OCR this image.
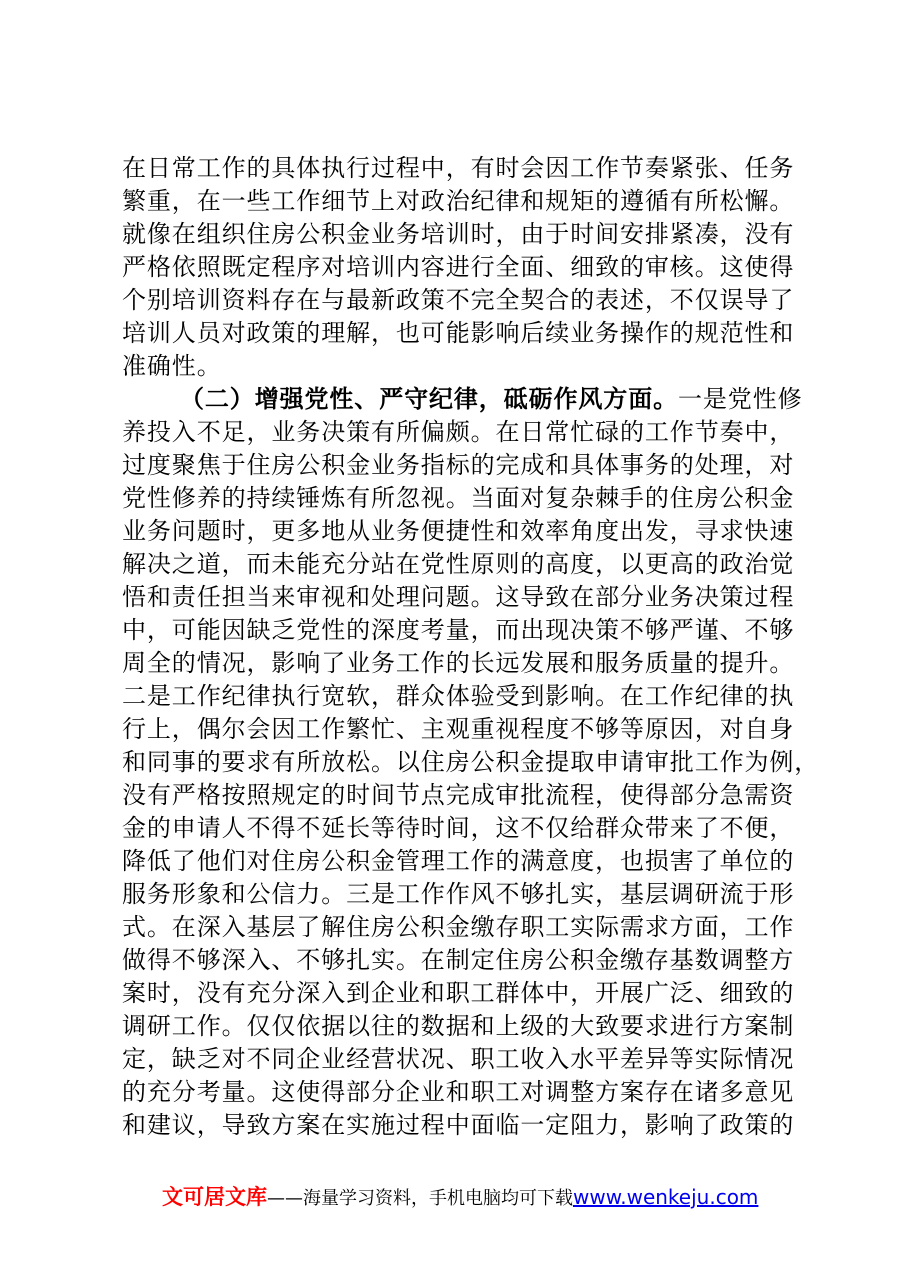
在日常工作的具体执行过程中，有时会因工作节奏紧张、任务
繁重，在一些工作细节上对政治纪律和规矩的遵循有所松懈。
就像在组织住房公积金业务培训时，由于时间安排紧凑，没有
严格依照既定程序对培训内容进行全面、细致的审核。这使得
个别培训资料存在与最新政策不完全契合的表述，不仅误导了
培训人员对政策的理解，也可能影响后续业务操作的规范性和
准确性。
（二）增强党性、严守纪律，砥砺作风方面。一是党性修
养投入不足，业务决策有所偏颇。在日常忙碌的工作节奏中，
过度聚焦于住房公积金业务指标的完成和具体事务的处理，对
党性修养的持续锤炼有所忽视。当面对复杂棘手的住房公积金
业务问题时，更多地从业务便捷性和效率角度出发，寻求快速
解决之道，而未能充分站在党性原则的高度，以更高的政治觉
悟和责任担当来审视和处理问题。这导致在部分业务决策过程
中，可能因缺乏党性的深度考量，而出现决策不够严谨、不够
周全的情况，影响了业务工作的长远发展和服务质量的提升。
二是工作纪律执行宽软，群众体验受到影响。在工作纪律的执
行上，偶尔会因工作繁忙、主观重视程度不够等原因，对自身
和同事的要求有所放松。以住房公积金提取申请审批工作为例，
没有严格按照规定的时间节点完成审批流程，使得部分急需资
金的申请人不得不延长等待时间，这不仅给群众带来了不便，
降低了他们对住房公积金管理工作的满意度，也损害了单位的
服务形象和公信力。三是工作作风不够扎实，基层调研流于形
式。在深入基层了解住房公积金缴存职工实际需求方面，工作
做得不够深入、不够扎实。在制定住房公积金缴存基数调整方
案时，没有充分深入到企业和职工群体中，开展广泛、细致的
调研工作。仅仅依据以往的数据和上级的大致要求进行方案制
定，缺乏对不同企业经营状况、职工收入水平差异等实际情况
的充分考量。这使得部分企业和职工对调整方案存在诸多意见
和建议，导致方案在实施过程中面临一定阻力，影响了政策的
文可居文库——海量学习资料，手机电脑均可下载www.wenkeju.com
